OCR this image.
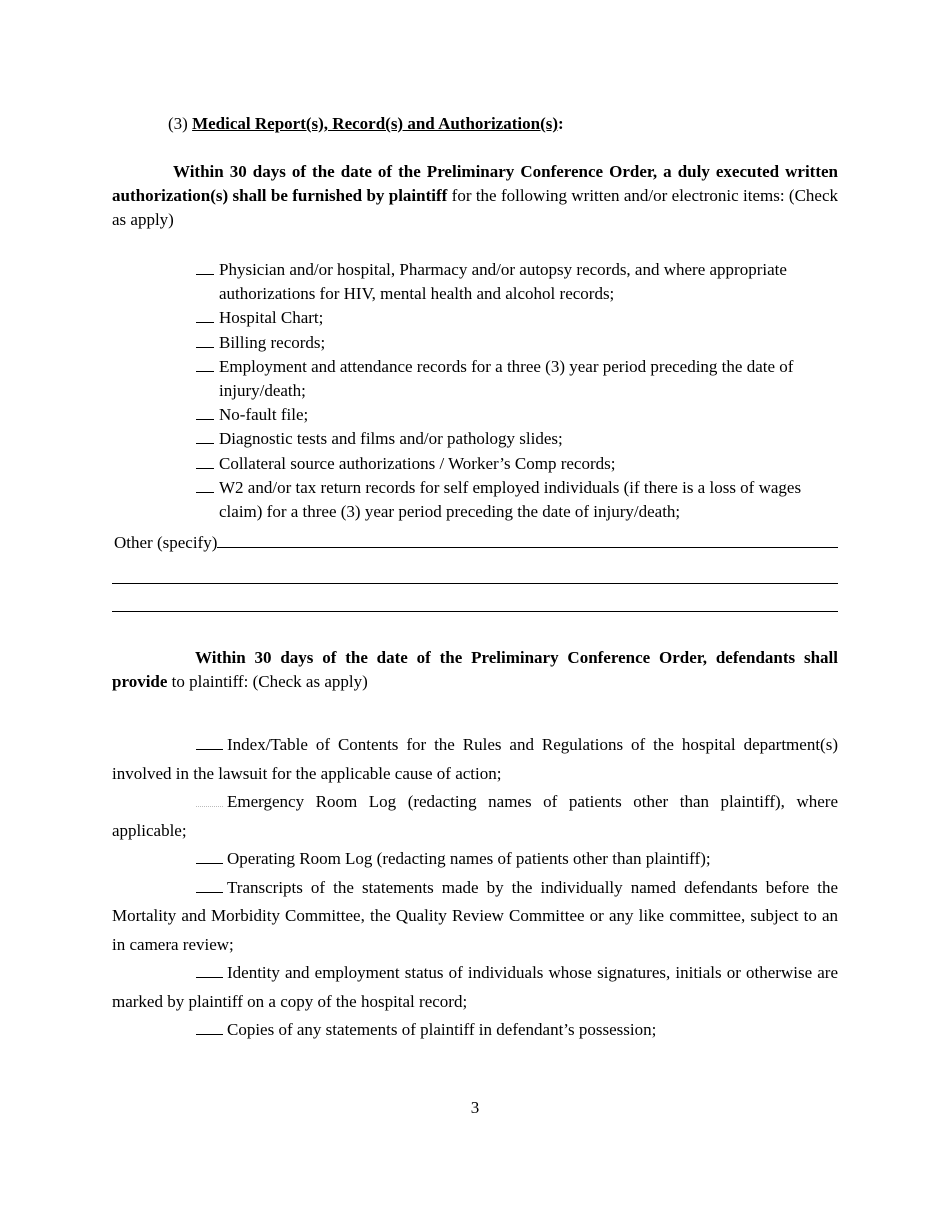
(3) Medical Report(s), Record(s) and Authorization(s):

Within 30 days of the date of the Preliminary Conference Order, a duly executed written authorization(s) shall be furnished by plaintiff for the following written and/or electronic items: (Check as apply)

Physician and/or hospital, Pharmacy and/or autopsy records, and where appropriate authorizations for HIV, mental health and alcohol records;
Hospital Chart;
Billing records;
Employment and attendance records for a three (3) year period preceding the date of injury/death;
No-fault file;
Diagnostic tests and films and/or pathology slides;
Collateral source authorizations / Worker’s Comp records;
W2 and/or tax return records for self employed individuals (if there is a loss of wages claim) for a three (3) year period preceding the date of injury/death;
Other (specify)

Within 30 days of the date of the Preliminary Conference Order, defendants shall provide to plaintiff: (Check as apply)

Index/Table of Contents for the Rules and Regulations of the hospital department(s) involved in the lawsuit for the applicable cause of action;
Emergency Room Log (redacting names of patients other than plaintiff), where applicable;
Operating Room Log (redacting names of patients other than plaintiff);
Transcripts of the statements made by the individually named defendants before the Mortality and Morbidity Committee, the Quality Review Committee or any like committee, subject to an in camera review;
Identity and employment status of individuals whose signatures, initials or otherwise are marked by plaintiff on a copy of the hospital record;
Copies of any statements of plaintiff in defendant’s possession;
3
